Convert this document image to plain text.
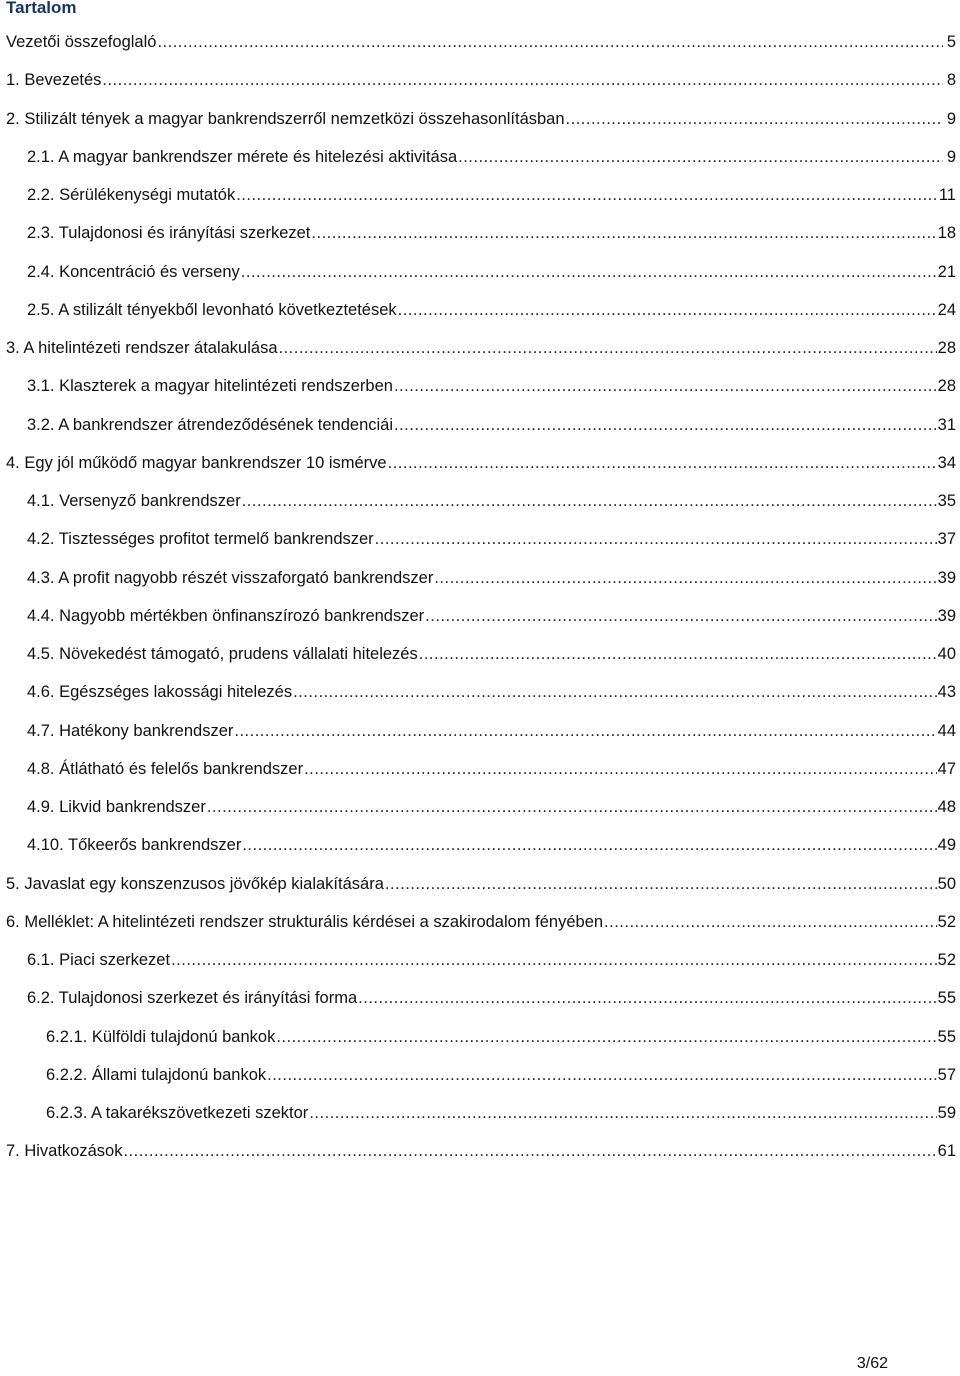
Tartalom
Vezetői összefoglaló .....	5
1. Bevezetés .....	8
2. Stilizált tények a magyar bankrendszerről nemzetközi összehasonlításban .....	9
2.1. A magyar bankrendszer mérete és hitelezési aktivitása .....	9
2.2. Sérülékenységi mutatók .....	11
2.3. Tulajdonosi és irányítási szerkezet .....	18
2.4. Koncentráció és verseny .....	21
2.5. A stilizált tényekből levonható következtetések .....	24
3. A hitelintézeti rendszer átalakulása .....	28
3.1. Klaszterek a magyar hitelintézeti rendszerben .....	28
3.2. A bankrendszer átrendeződésének tendenciái .....	31
4. Egy jól működő magyar bankrendszer 10 ismérve .....	34
4.1. Versenyző bankrendszer .....	35
4.2. Tisztességes profitot termelő bankrendszer .....	37
4.3. A profit nagyobb részét visszaforgató bankrendszer .....	39
4.4. Nagyobb mértékben önfinanszírozó bankrendszer .....	39
4.5. Növekedést támogató, prudens vállalati hitelezés .....	40
4.6. Egészséges lakossági hitelezés .....	43
4.7. Hatékony bankrendszer .....	44
4.8. Átlátható és felelős bankrendszer .....	47
4.9. Likvid bankrendszer .....	48
4.10. Tőkeerős bankrendszer .....	49
5. Javaslat egy konszenzusos jövőkép kialakítására .....	50
6. Melléklet: A hitelintézeti rendszer strukturális kérdései a szakirodalom fényében .....	52
6.1. Piaci szerkezet .....	52
6.2. Tulajdonosi szerkezet és irányítási forma .....	55
6.2.1. Külföldi tulajdonú bankok .....	55
6.2.2. Állami tulajdonú bankok .....	57
6.2.3. A takarékszövetkezeti szektor .....	59
7. Hivatkozások .....	61
3/62
